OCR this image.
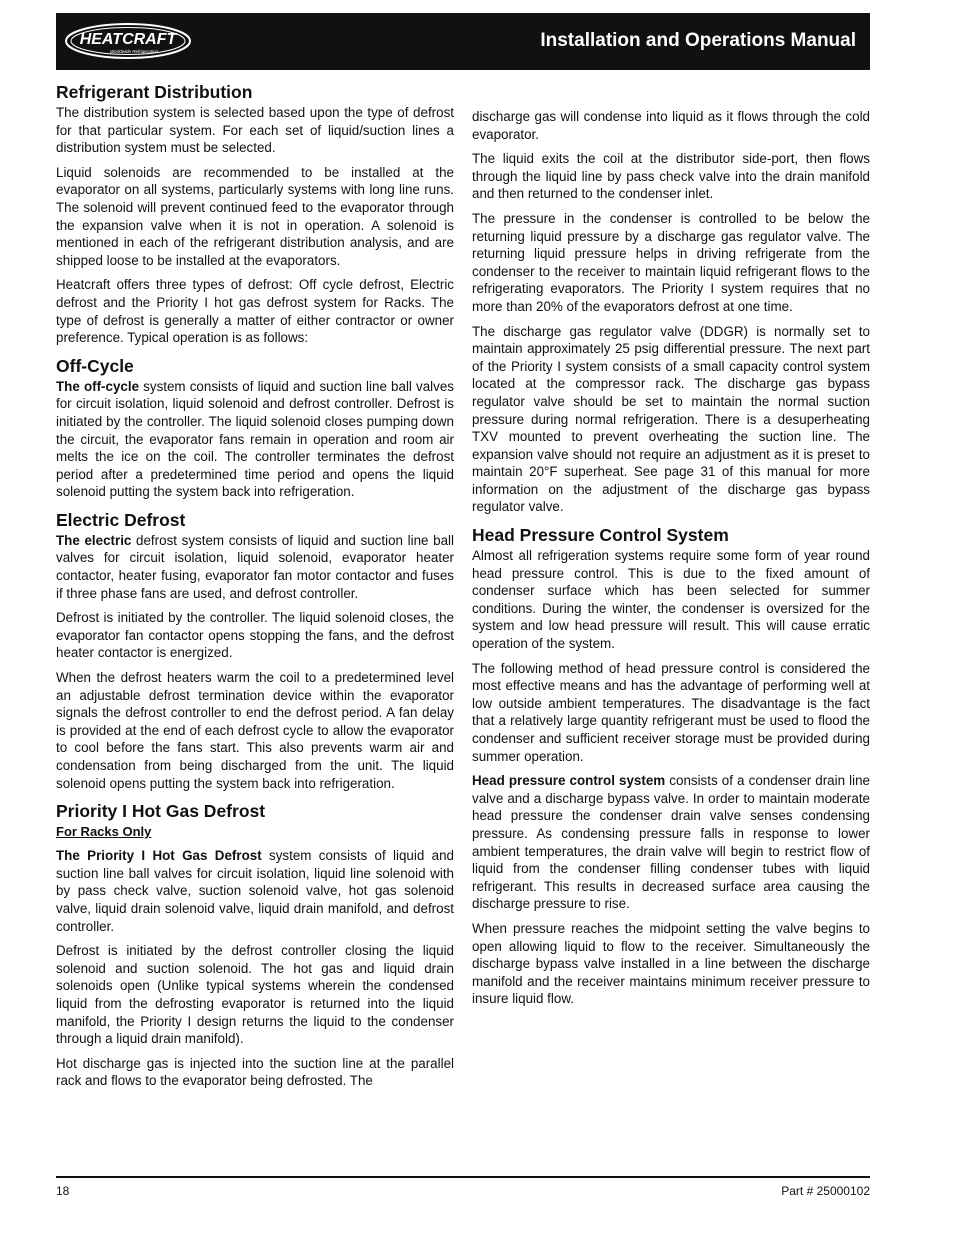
HEATCRAFT
Worldwide Refrigeration
Installation and Operations Manual
Refrigerant Distribution

The distribution system is selected based upon the type of defrost for that particular system. For each set of liquid/suction lines a distribution system must be selected.

Liquid solenoids are recommended to be installed at the evaporator on all systems, particularly systems with long line runs. The solenoid will prevent continued feed to the evaporator through the expansion valve when it is not in operation. A solenoid is mentioned in each of the refrigerant distribution analysis, and are shipped loose to be installed at the evaporators.

Heatcraft offers three types of defrost: Off cycle defrost, Electric defrost and the Priority I hot gas defrost system for Racks. The type of defrost is generally a matter of either contractor or owner preference. Typical operation is as follows:

Off-Cycle

The off-cycle system consists of liquid and suction line ball valves for circuit isolation, liquid solenoid and defrost controller. Defrost is initiated by the controller. The liquid solenoid closes pumping down the circuit, the evaporator fans remain in operation and room air melts the ice on the coil. The controller terminates the defrost period after a predetermined time period and opens the liquid solenoid putting the system back into refrigeration.

Electric Defrost

The electric defrost system consists of liquid and suction line ball valves for circuit isolation, liquid solenoid, evaporator heater contactor, heater fusing, evaporator fan motor contactor and fuses if three phase fans are used, and defrost controller.

Defrost is initiated by the controller. The liquid solenoid closes, the evaporator fan contactor opens stopping the fans, and the defrost heater contactor is energized.

When the defrost heaters warm the coil to a predetermined level an adjustable defrost termination device within the evaporator signals the defrost controller to end the defrost period. A fan delay is provided at the end of each defrost cycle to allow the evaporator to cool before the fans start. This also prevents warm air and condensation from being discharged from the unit. The liquid solenoid opens putting the system back into refrigeration.

Priority I Hot Gas Defrost
For Racks Only

The Priority I Hot Gas Defrost system consists of liquid and suction line ball valves for circuit isolation, liquid line solenoid with by pass check valve, suction solenoid valve, hot gas solenoid valve, liquid drain solenoid valve, liquid drain manifold, and defrost controller.

Defrost is initiated by the defrost controller closing the liquid solenoid and suction solenoid. The hot gas and liquid drain solenoids open (Unlike typical systems wherein the condensed liquid from the defrosting evaporator is returned into the liquid manifold, the Priority I design returns the liquid to the condenser through a liquid drain manifold).

Hot discharge gas is injected into the suction line at the parallel rack and flows to the evaporator being defrosted. The

discharge gas will condense into liquid as it flows through the cold evaporator.

The liquid exits the coil at the distributor side-port, then flows through the liquid line by pass check valve into the drain manifold and then returned to the condenser inlet.

The pressure in the condenser is controlled to be below the returning liquid pressure by a discharge gas regulator valve. The returning liquid pressure helps in driving refrigerate from the condenser to the receiver to maintain liquid refrigerant flows to the refrigerating evaporators. The Priority I system requires that no more than 20% of the evaporators defrost at one time.

The discharge gas regulator valve (DDGR) is normally set to maintain approximately 25 psig differential pressure. The next part of the Priority I system consists of a small capacity control system located at the compressor rack. The discharge gas bypass regulator valve should be set to maintain the normal suction pressure during normal refrigeration. There is a desuperheating TXV mounted to prevent overheating the suction line. The expansion valve should not require an adjustment as it is preset to maintain 20°F superheat. See page 31 of this manual for more information on the adjustment of the discharge gas bypass regulator valve.

Head Pressure Control System

Almost all refrigeration systems require some form of year round head pressure control. This is due to the fixed amount of condenser surface which has been selected for summer conditions. During the winter, the condenser is oversized for the system and low head pressure will result. This will cause erratic operation of the system.

The following method of head pressure control is considered the most effective means and has the advantage of performing well at low outside ambient temperatures. The disadvantage is the fact that a relatively large quantity refrigerant must be used to flood the condenser and sufficient receiver storage must be provided during summer operation.

Head pressure control system consists of a condenser drain line valve and a discharge bypass valve. In order to maintain moderate head pressure the condenser drain valve senses condensing pressure. As condensing pressure falls in response to lower ambient temperatures, the drain valve will begin to restrict flow of liquid from the condenser filling condenser tubes with liquid refrigerant. This results in decreased surface area causing the discharge pressure to rise.

When pressure reaches the midpoint setting the valve begins to open allowing liquid to flow to the receiver. Simultaneously the discharge bypass valve installed in a line between the discharge manifold and the receiver maintains minimum receiver pressure to insure liquid flow.

18	Part # 25000102
